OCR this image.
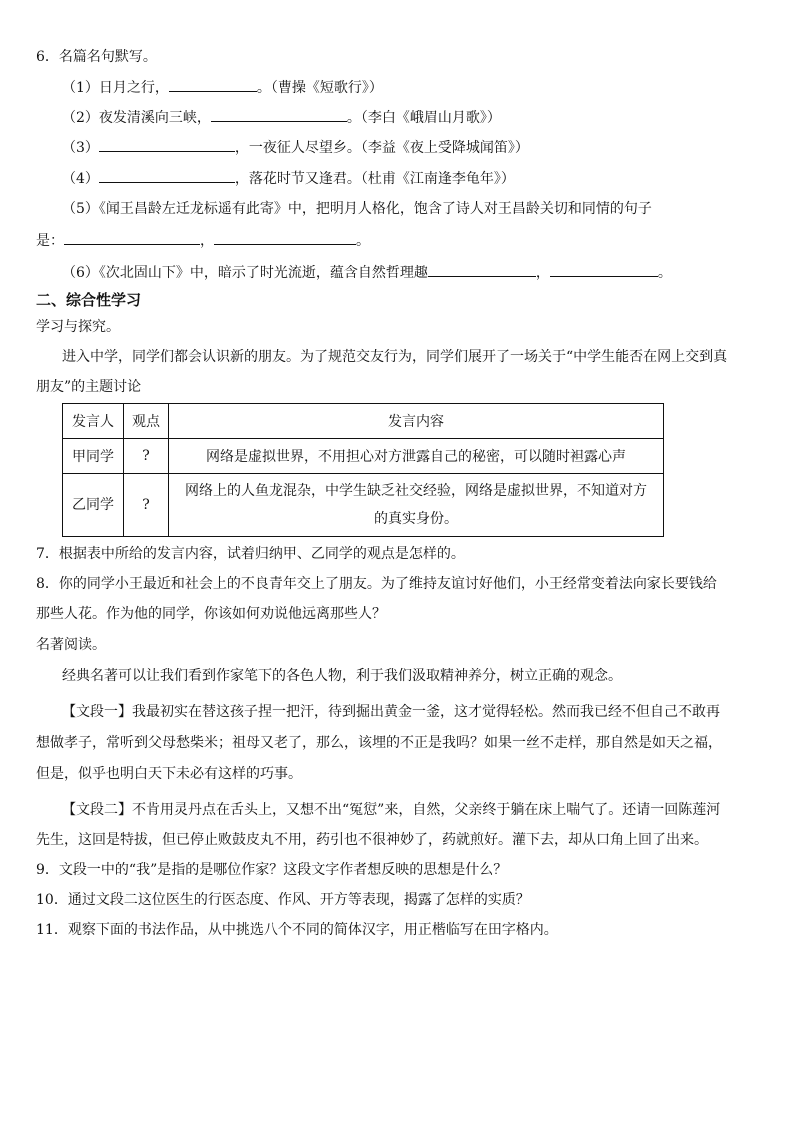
6．名篇名句默写。
（1）日月之行，	。（曹操《短歌行》）
（2）夜发清溪向三峡，	。（李白《峨眉山月歌》）
（3）	，一夜征人尽望乡。（李益《夜上受降城闻笛》）
（4）	，落花时节又逢君。（杜甫《江南逢李龟年》）
（5）《闻王昌龄左迁龙标遥有此寄》中，把明月人格化，饱含了诗人对王昌龄关切和同情的句子
是：	，	。
（6）《次北固山下》中，暗示了时光流逝，蕴含自然哲理趣	，	。
二、综合性学习
学习与探究。
进入中学，同学们都会认识新的朋友。为了规范交友行为，同学们展开了一场关于“中学生能否在网上交到真
朋友”的主题讨论
发言人	观点	发言内容
甲同学	?	网络是虚拟世界，不用担心对方泄露自己的秘密，可以随时袒露心声
乙同学	?	网络上的人鱼龙混杂，中学生缺乏社交经验，网络是虚拟世界，不知道对方
的真实身份。
7．根据表中所给的发言内容，试着归纳甲、乙同学的观点是怎样的。
8．你的同学小王最近和社会上的不良青年交上了朋友。为了维持友谊讨好他们，小王经常变着法向家长要钱给
那些人花。作为他的同学，你该如何劝说他远离那些人？
名著阅读。
经典名著可以让我们看到作家笔下的各色人物，利于我们汲取精神养分，树立正确的观念。
【文段一】我最初实在替这孩子捏一把汗，待到掘出黄金一釜，这才觉得轻松。然而我已经不但自己不敢再
想做孝子，常听到父母愁柴米；祖母又老了，那么，该埋的不正是我吗？如果一丝不走样，那自然是如天之福，
但是，似乎也明白天下未必有这样的巧事。
【文段二】不肯用灵丹点在舌头上，又想不出“冤愆”来，自然，父亲终于躺在床上喘气了。还请一回陈莲河
先生，这回是特拔，但已停止败鼓皮丸不用，药引也不很神妙了，药就煎好。灌下去，却从口角上回了出来。
9．文段一中的“我”是指的是哪位作家？这段文字作者想反映的思想是什么？
10．通过文段二这位医生的行医态度、作风、开方等表现，揭露了怎样的实质？
11．观察下面的书法作品，从中挑选八个不同的简体汉字，用正楷临写在田字格内。
